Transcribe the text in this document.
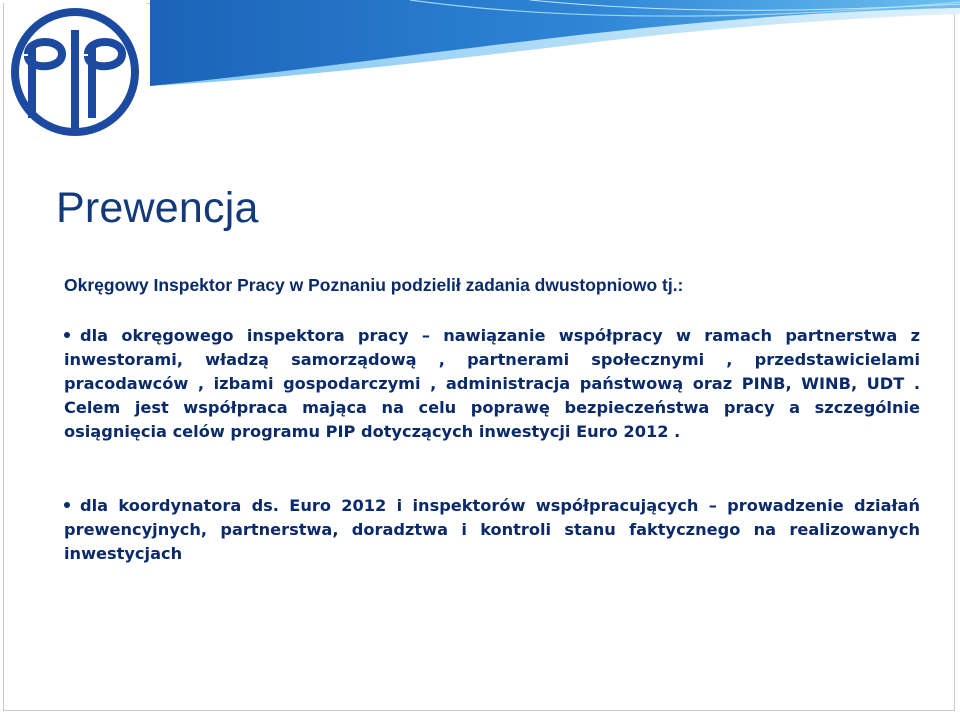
Prewencja

Okręgowy Inspektor Pracy w Poznaniu podzielił zadania dwustopniowo tj.:

dla okręgowego inspektora pracy – nawiązanie współpracy w ramach partnerstwa z inwestorami, władzą samorządową , partnerami społecznymi , przedstawicielami pracodawców , izbami gospodarczymi , administracja państwową oraz PINB, WINB, UDT . Celem jest współpraca mająca na celu poprawę bezpieczeństwa pracy a szczególnie osiągnięcia celów programu PIP dotyczących inwestycji Euro 2012 .

dla koordynatora ds. Euro 2012 i inspektorów współpracujących – prowadzenie działań prewencyjnych, partnerstwa, doradztwa i kontroli stanu faktycznego na realizowanych inwestycjach
